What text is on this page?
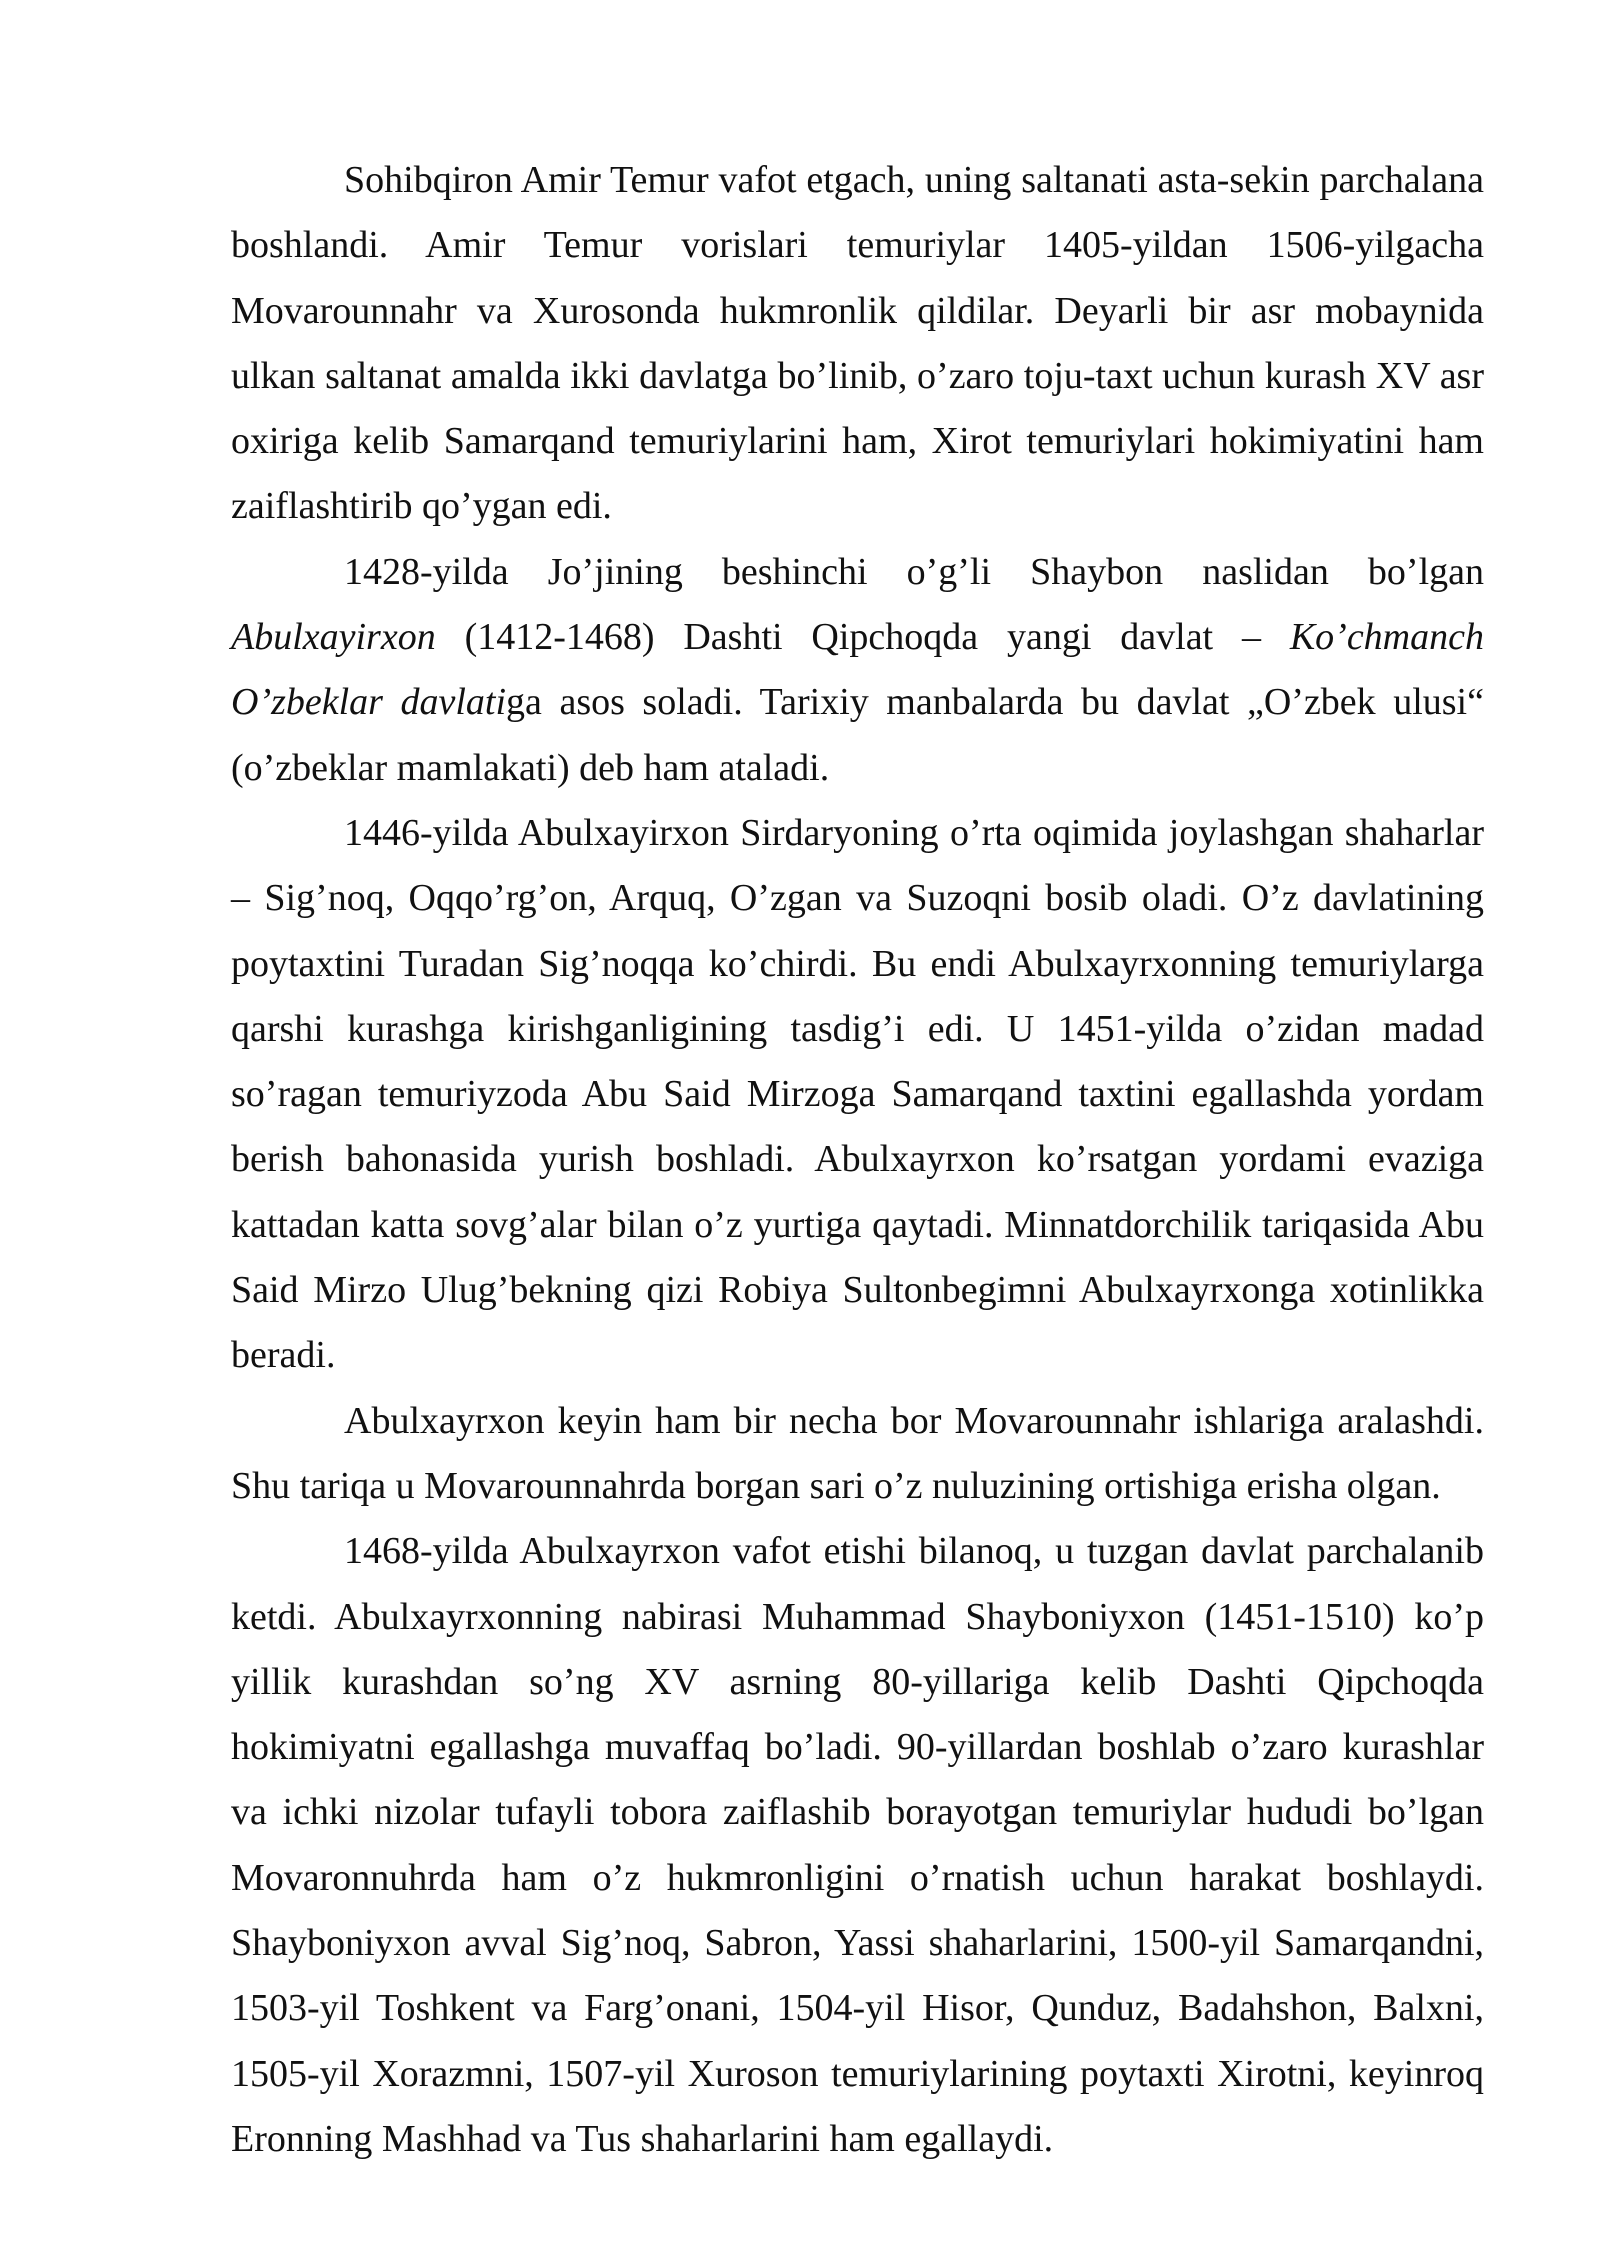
Sohibqiron Amir Temur vafot etgach, uning saltanati asta-sekin parchalana boshlandi. Amir Temur vorislari temuriylar 1405-yildan 1506-yilgacha Movarounnahr va Xurosonda hukmronlik qildilar. Deyarli bir asr mobaynida ulkan saltanat amalda ikki davlatga bo’linib, o’zaro toju-taxt uchun kurash XV asr oxiriga kelib Samarqand temuriylarini ham, Xirot temuriylari hokimiyatini ham zaiflashtirib qo’ygan edi.

1428-yilda Jo’jining beshinchi o’g’li Shaybon naslidan bo’lgan Abulxayirxon (1412-1468) Dashti Qipchoqda yangi davlat – Ko’chmanch O’zbeklar davlatiga asos soladi. Tarixiy manbalarda bu davlat „O’zbek ulusi“ (o’zbeklar mamlakati) deb ham ataladi.

1446-yilda Abulxayirxon Sirdaryoning o’rta oqimida joylashgan shaharlar – Sig’noq, Oqqo’rg’on, Arquq, O’zgan va Suzoqni bosib oladi. O’z davlatining poytaxtini Turadan Sig’noqqa ko’chirdi. Bu endi Abulxayrxonning temuriylarga qarshi kurashga kirishganligining tasdig’i edi. U 1451-yilda o’zidan madad so’ragan temuriyzoda Abu Said Mirzoga Samarqand taxtini egallashda yordam berish bahonasida yurish boshladi. Abulxayrxon ko’rsatgan yordami evaziga kattadan katta sovg’alar bilan o’z yurtiga qaytadi. Minnatdorchilik tariqasida Abu Said Mirzo Ulug’bekning qizi Robiya Sultonbegimni Abulxayrxonga xotinlikka beradi.

Abulxayrxon keyin ham bir necha bor Movarounnahr ishlariga aralashdi. Shu tariqa u Movarounnahrda borgan sari o’z nuluzining ortishiga erisha olgan.

1468-yilda Abulxayrxon vafot etishi bilanoq, u tuzgan davlat parchalanib ketdi. Abulxayrxonning nabirasi Muhammad Shayboniyxon (1451-1510) ko’p yillik kurashdan so’ng XV asrning 80-yillariga kelib Dashti Qipchoqda hokimiyatni egallashga muvaffaq bo’ladi. 90-yillardan boshlab o’zaro kurashlar va ichki nizolar tufayli tobora zaiflashib borayotgan temuriylar hududi bo’lgan Movaronnuhrda ham o’z hukmronligini o’rnatish uchun harakat boshlaydi. Shayboniyxon avval Sig’noq, Sabron, Yassi shaharlarini, 1500-yil Samarqandni, 1503-yil Toshkent va Farg’onani, 1504-yil Hisor, Qunduz, Badahshon, Balxni, 1505-yil Xorazmni, 1507-yil Xuroson temuriylarining poytaxti Xirotni, keyinroq Eronning Mashhad va Tus shaharlarini ham egallaydi.
